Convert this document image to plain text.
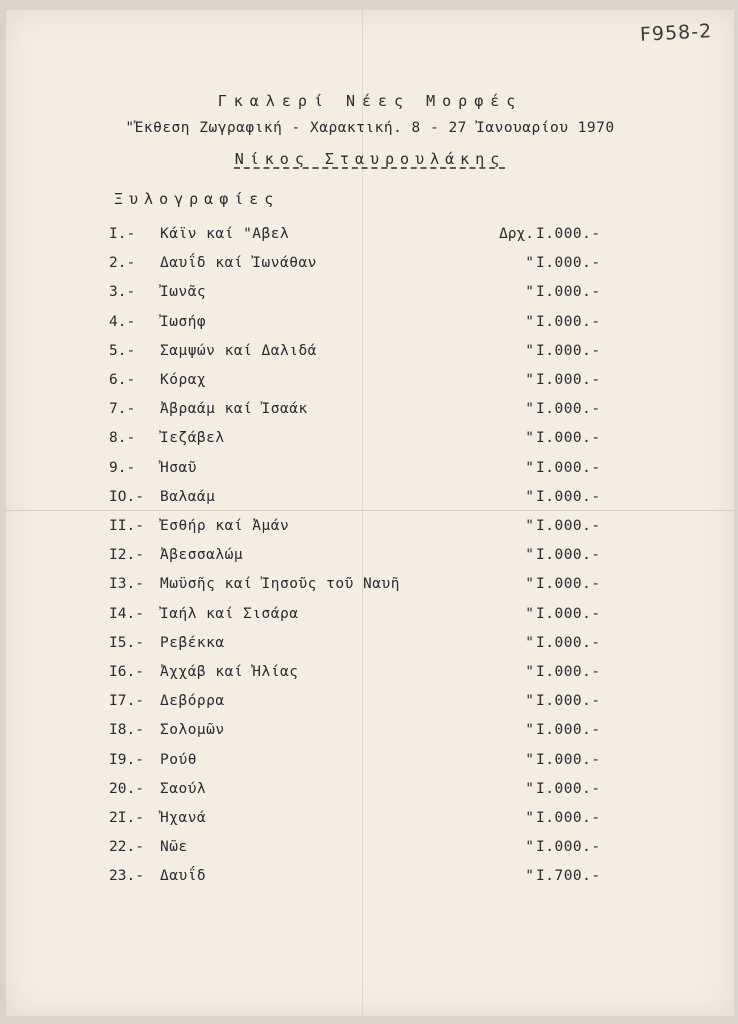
F958-2
Γκαλερί Νέες Μορφές
"Ἐκθεση Ζωγραφική - Χαρακτική. 8 - 27 Ἰανουαρίου 1970
Νίκος Σταυρουλάκης
Ξυλογραφίες
I.- Κάϊν καί "Αβελ	Δρχ. I.000.-
2.- Δαυΐδ καί Ἰωνάθαν	" I.000.-
3.- Ἰωνᾶς	" I.000.-
4.- Ἰωσήφ	" I.000.-
5.- Σαμψών καί Δαλιδά	" I.000.-
6.- Κόραχ	" I.000.-
7.- Ἀβραάμ καί Ἰσαάκ	" I.000.-
8.- Ἰεζάβελ	" I.000.-
9.- Ἠσαῦ	" I.000.-
IO.- Βαλαάμ	" I.000.-
II.- Ἐσθήρ καί Ἀμάν	" I.000.-
I2.- Ἀβεσσαλώμ	" I.000.-
I3.- Μωϋσῆς καί Ἰησοῦς τοῦ Ναυῆ	" I.000.-
I4.- Ἰαήλ καί Σισάρα	" I.000.-
I5.- Ρεβέκκα	" I.000.-
I6.- Ἀχχάβ καί Ἠλίας	" I.000.-
I7.- Δεβόρρα	" I.000.-
I8.- Σολομῶν	" I.000.-
I9.- Ρούθ	" I.000.-
20.- Σαούλ	" I.000.-
2I.- Ἠχανά	" I.000.-
22.- Νῶε	" I.000.-
23.- Δαυΐδ	" I.700.-
